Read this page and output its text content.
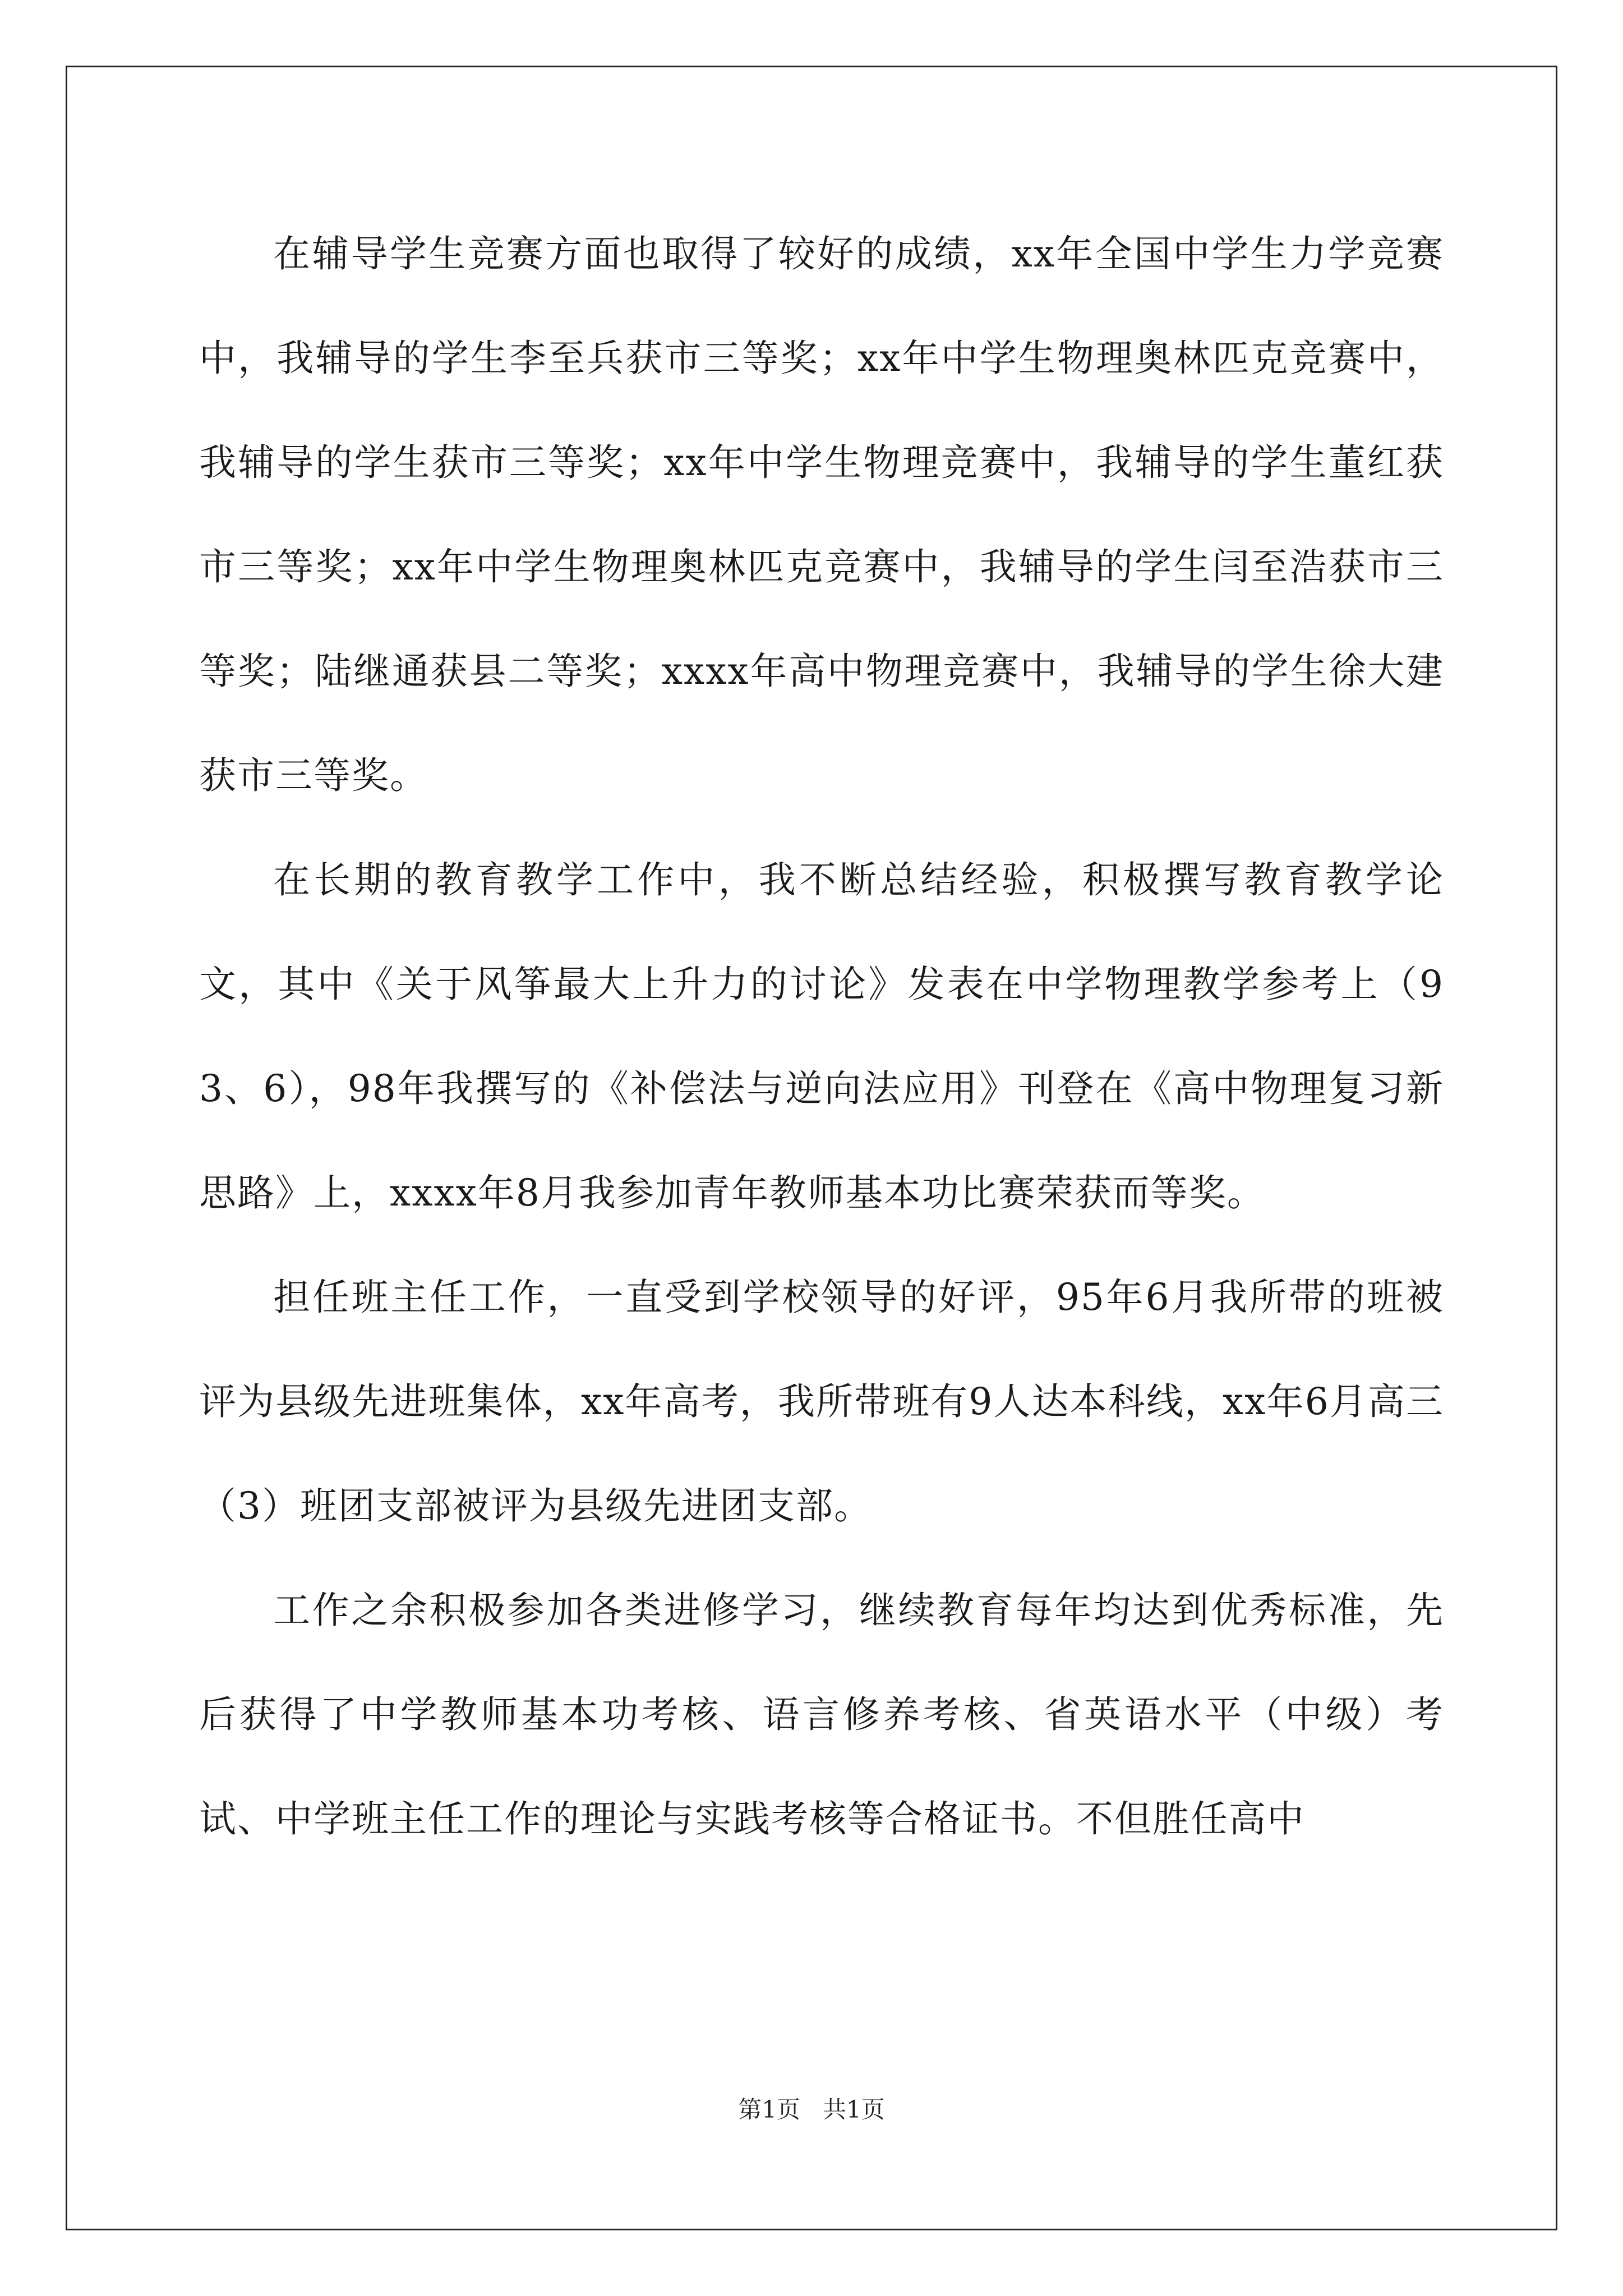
在辅导学生竞赛方面也取得了较好的成绩，xx年全国中学生力学竞赛中，我辅导的学生李至兵获市三等奖；xx年中学生物理奥林匹克竞赛中，我辅导的学生获市三等奖；xx年中学生物理竞赛中，我辅导的学生董红获市三等奖；xx年中学生物理奥林匹克竞赛中，我辅导的学生闫至浩获市三等奖；陆继通获县二等奖；xxxx年高中物理竞赛中，我辅导的学生徐大建获市三等奖。

在长期的教育教学工作中，我不断总结经验，积极撰写教育教学论文，其中《关于风筝最大上升力的讨论》发表在中学物理教学参考上（93、6），98年我撰写的《补偿法与逆向法应用》刊登在《高中物理复习新思路》上，xxxx年8月我参加青年教师基本功比赛荣获而等奖。

担任班主任工作，一直受到学校领导的好评，95年6月我所带的班被评为县级先进班集体，xx年高考，我所带班有9人达本科线，xx年6月高三（3）班团支部被评为县级先进团支部。

工作之余积极参加各类进修学习，继续教育每年均达到优秀标准，先后获得了中学教师基本功考核、语言修养考核、省英语水平（中级）考试、中学班主任工作的理论与实践考核等合格证书。不但胜任高中

第1页 共1页
